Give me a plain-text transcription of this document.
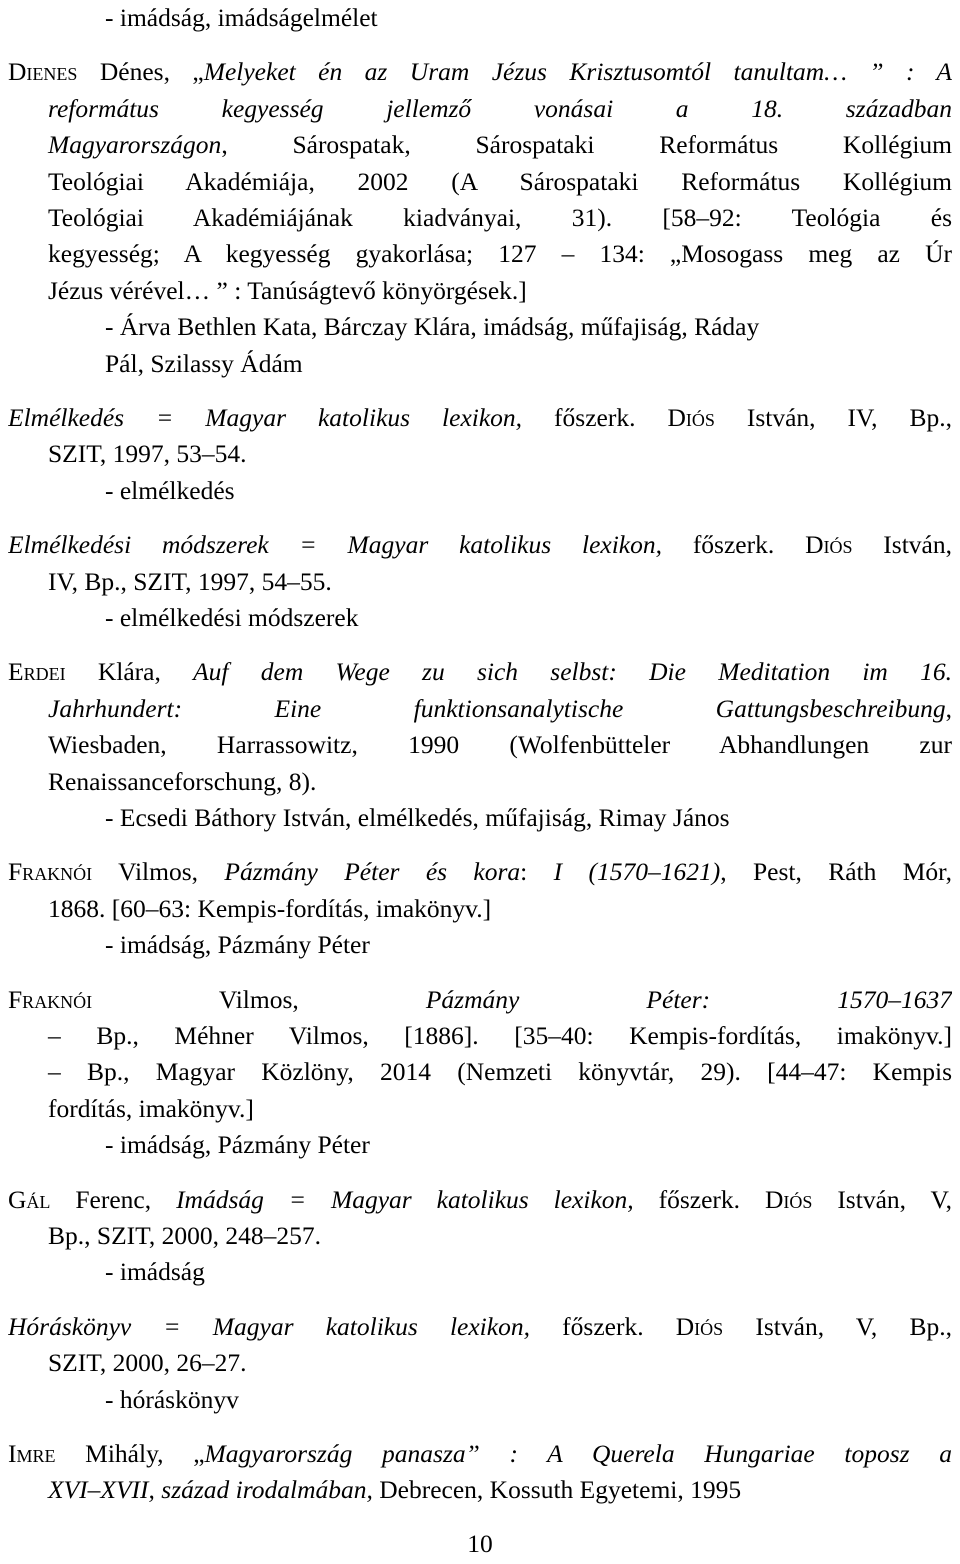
- imádság, imádságelmélet
Dienes Dénes, „Melyeket én az Uram Jézus Krisztusomtól tanultam… ” : A
református kegyesség jellemző vonásai a 18. században
Magyarországon, Sárospatak, Sárospataki Református Kollégium
Teológiai Akadémiája, 2002 (A Sárospataki Református Kollégium
Teológiai Akadémiájának kiadványai, 31). [58–92: Teológia és
kegyesség; A kegyesség gyakorlása; 127 – 134: „Mosogass meg az Úr
Jézus vérével… ” : Tanúságtevő könyörgések.]
- Árva Bethlen Kata, Bárczay Klára, imádság, műfajiság, Ráday
Pál, Szilassy Ádám
Elmélkedés = Magyar katolikus lexikon, főszerk. Diós István, IV, Bp.,
SZIT, 1997, 53–54.
- elmélkedés
Elmélkedési módszerek = Magyar katolikus lexikon, főszerk. Diós István,
IV, Bp., SZIT, 1997, 54–55.
- elmélkedési módszerek
Erdei Klára, Auf dem Wege zu sich selbst: Die Meditation im 16.
Jahrhundert: Eine funktionsanalytische Gattungsbeschreibung,
Wiesbaden, Harrassowitz, 1990 (Wolfenbütteler Abhandlungen zur
Renaissanceforschung, 8).
- Ecsedi Báthory István, elmélkedés, műfajiság, Rimay János
Fraknói Vilmos, Pázmány Péter és kora: I (1570–1621), Pest, Ráth Mór,
1868. [60–63: Kempis-fordítás, imakönyv.]
- imádság, Pázmány Péter
Fraknói Vilmos, Pázmány Péter: 1570–1637
– Bp., Méhner Vilmos, [1886]. [35–40: Kempis-fordítás, imakönyv.]
– Bp., Magyar Közlöny, 2014 (Nemzeti könyvtár, 29). [44–47: Kempis
fordítás, imakönyv.]
- imádság, Pázmány Péter
Gál Ferenc, Imádság = Magyar katolikus lexikon, főszerk. Diós István, V,
Bp., SZIT, 2000, 248–257.
- imádság
Hóráskönyv = Magyar katolikus lexikon, főszerk. Diós István, V, Bp.,
SZIT, 2000, 26–27.
- hóráskönyv
Imre Mihály, „Magyarország panasza” : A Querela Hungariae toposz a
XVI–XVII, század irodalmában, Debrecen, Kossuth Egyetemi, 1995
10
